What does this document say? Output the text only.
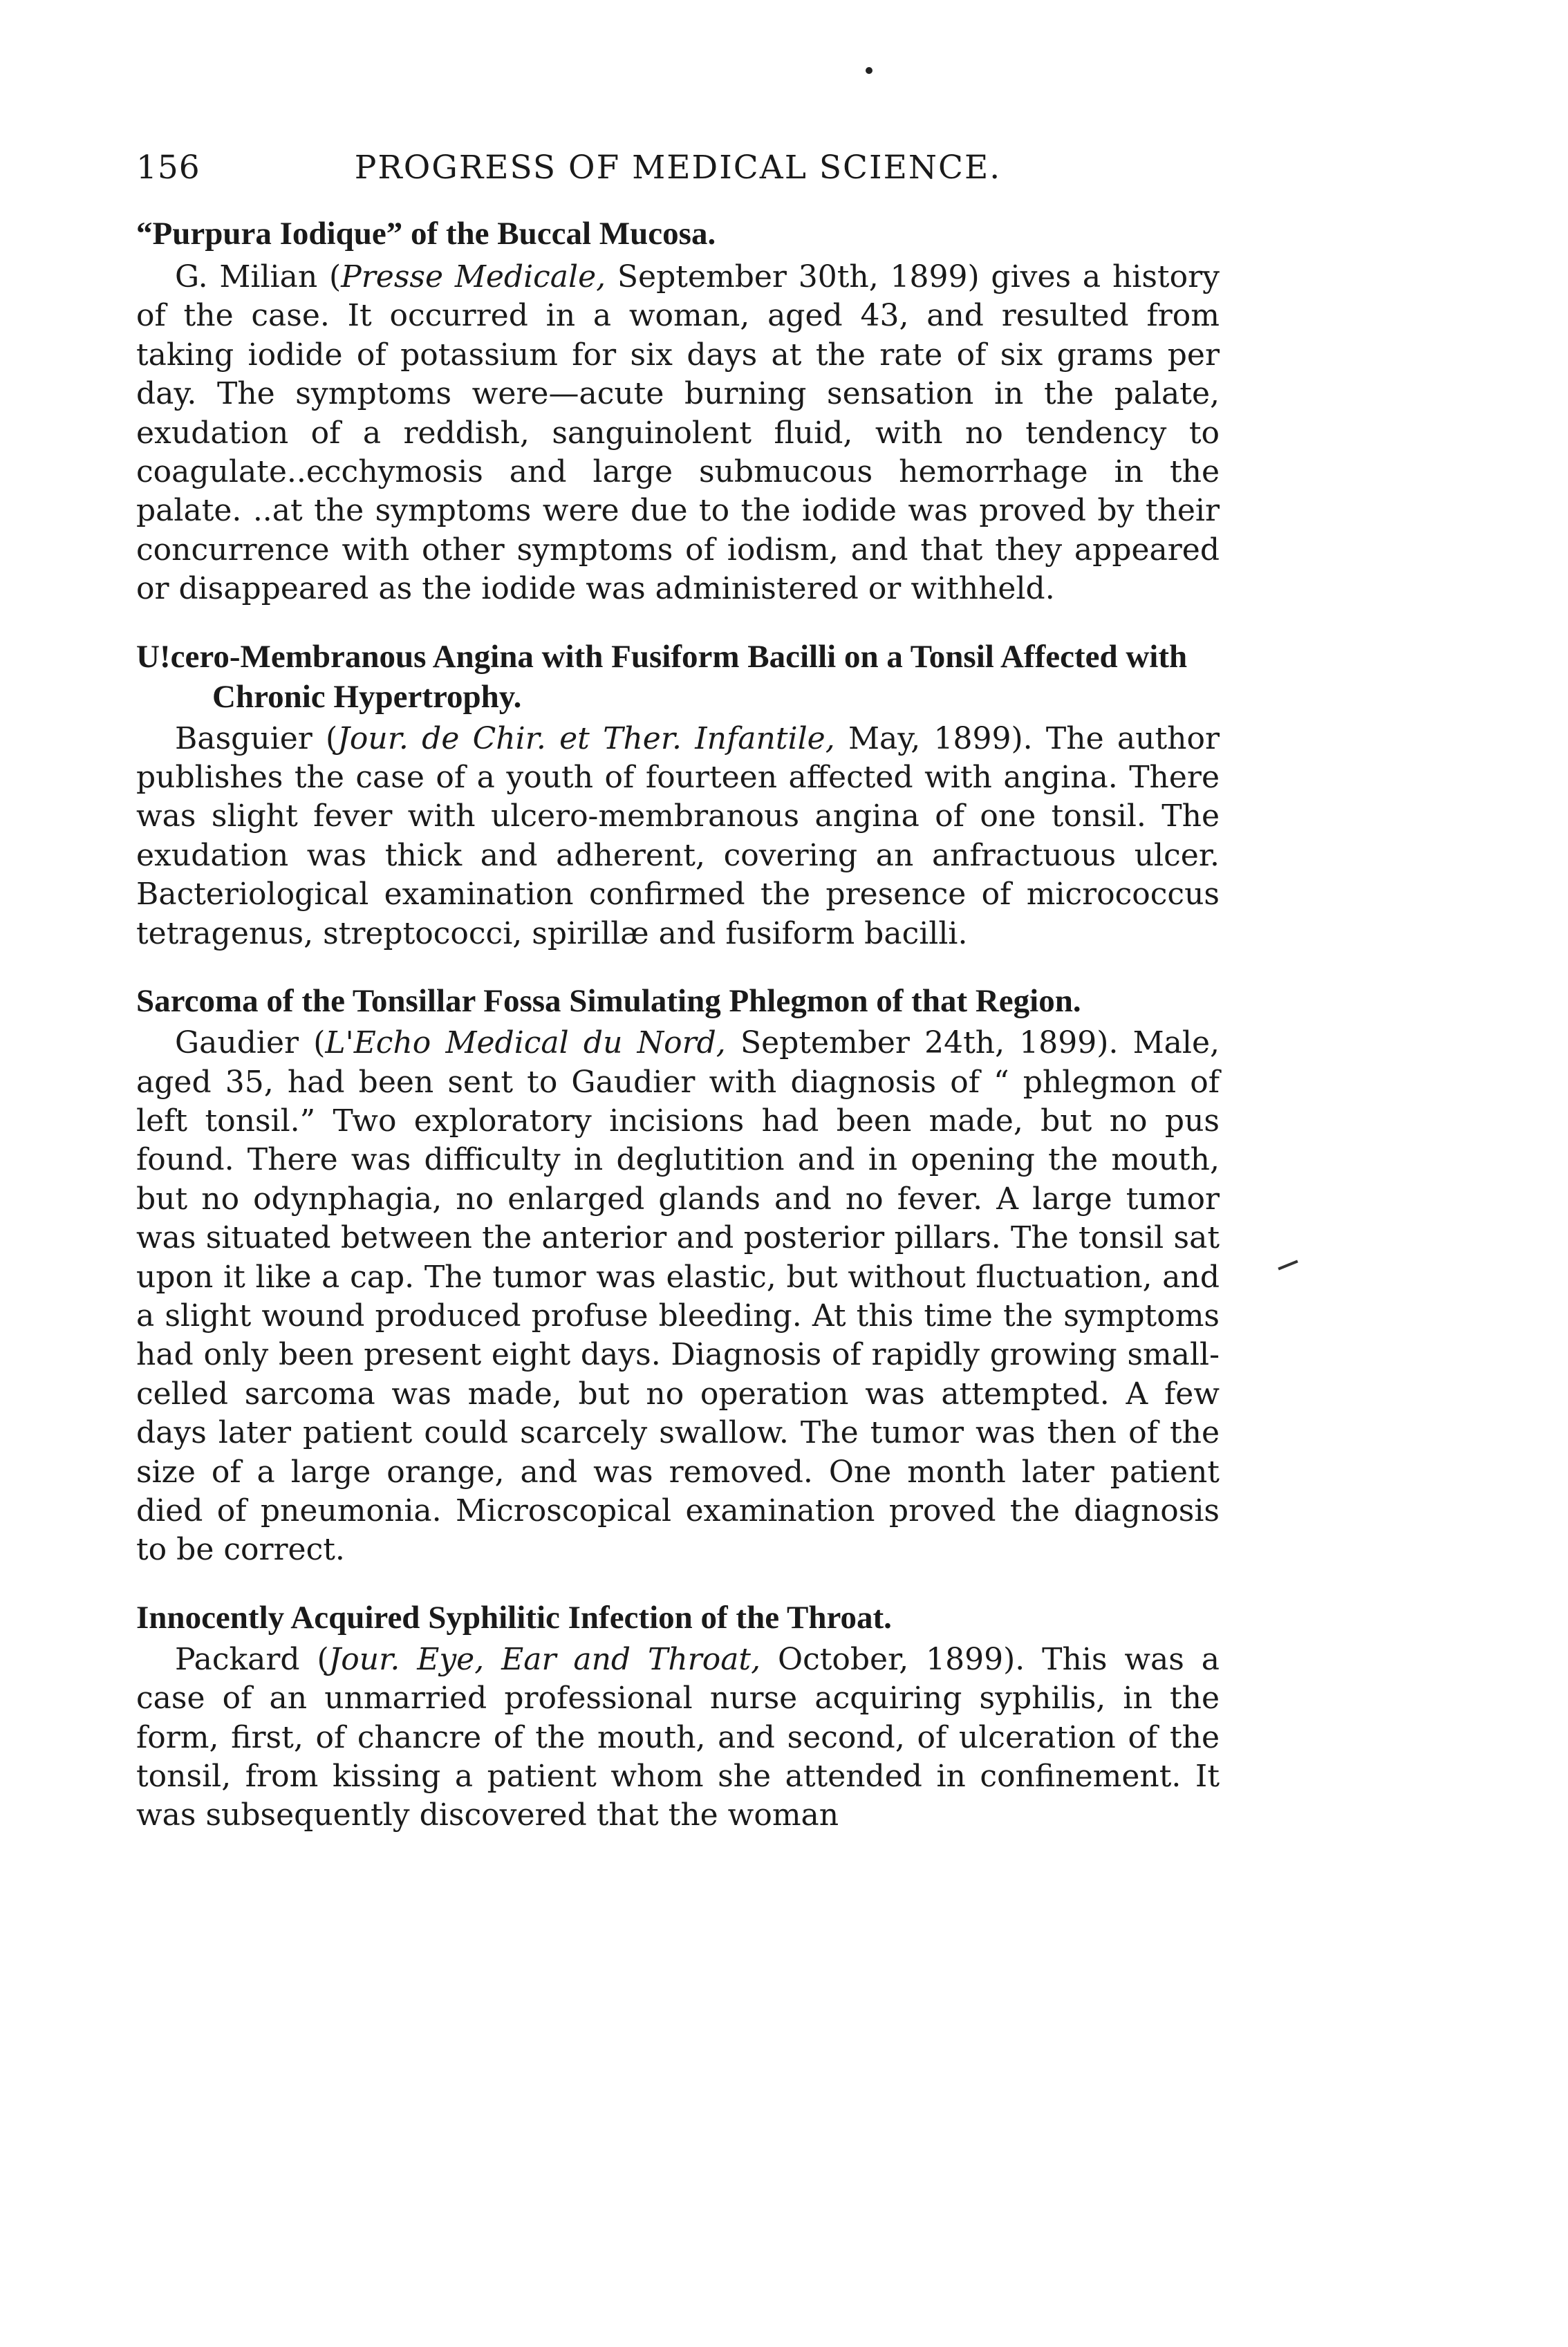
156	PROGRESS OF MEDICAL SCIENCE.
“Purpura Iodique” of the Buccal Mucosa.

G. Milian (Presse Medicale, September 30th, 1899) gives a history of the case. It occurred in a woman, aged 43, and resulted from taking iodide of potassium for six days at the rate of six grams per day. The symptoms were—acute burning sensation in the palate, exudation of a reddish, sanguinolent fluid, with no tendency to coagulate..ecchymosis and large submucous hemorrhage in the palate. ..at the symptoms were due to the iodide was proved by their concurrence with other symptoms of iodism, and that they appeared or disappeared as the iodide was administered or withheld.

U!cero-Membranous Angina with Fusiform Bacilli on a Tonsil Affected with Chronic Hypertrophy.

Basguier (Jour. de Chir. et Ther. Infantile, May, 1899). The author publishes the case of a youth of fourteen affected with angina. There was slight fever with ulcero-membranous angina of one tonsil. The exudation was thick and adherent, covering an anfractuous ulcer. Bacteriological examination confirmed the presence of micrococcus tetragenus, streptococci, spirillæ and fusiform bacilli.

Sarcoma of the Tonsillar Fossa Simulating Phlegmon of that Region.

Gaudier (L'Echo Medical du Nord, September 24th, 1899). Male, aged 35, had been sent to Gaudier with diagnosis of “ phlegmon of left tonsil.” Two exploratory incisions had been made, but no pus found. There was difficulty in deglutition and in opening the mouth, but no odynphagia, no enlarged glands and no fever. A large tumor was situated between the anterior and posterior pillars. The tonsil sat upon it like a cap. The tumor was elastic, but without fluctuation, and a slight wound produced profuse bleeding. At this time the symptoms had only been present eight days. Diagnosis of rapidly growing small-celled sarcoma was made, but no operation was attempted. A few days later patient could scarcely swallow. The tumor was then of the size of a large orange, and was removed. One month later patient died of pneumonia. Microscopical examination proved the diagnosis to be correct.

Innocently Acquired Syphilitic Infection of the Throat.

Packard (Jour. Eye, Ear and Throat, October, 1899). This was a case of an unmarried professional nurse acquiring syphilis, in the form, first, of chancre of the mouth, and second, of ulceration of the tonsil, from kissing a patient whom she attended in confinement. It was subsequently discovered that the woman
